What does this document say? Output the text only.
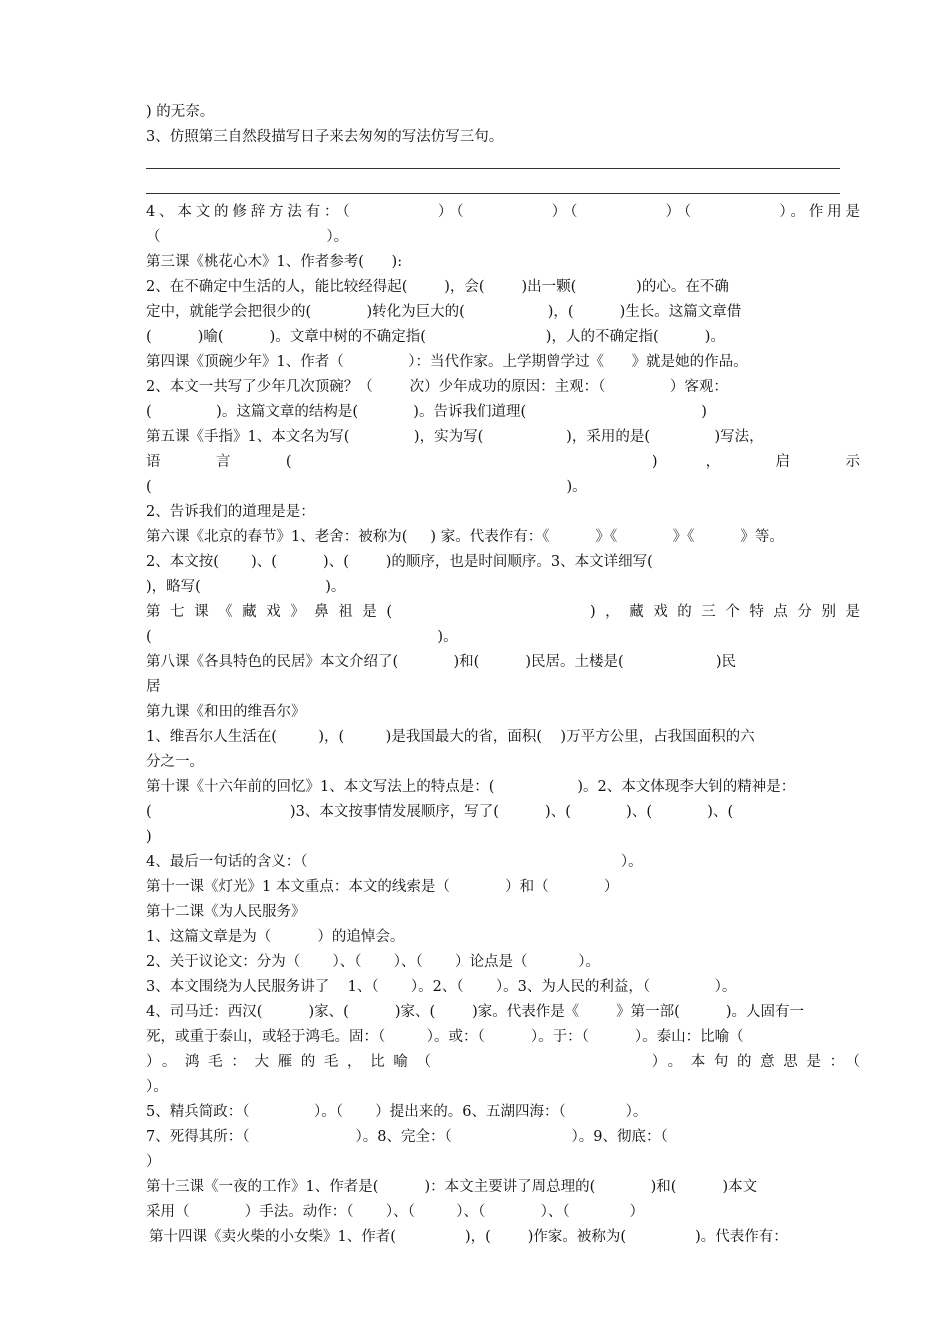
) 的无奈。
3、仿照第三自然段描写日子来去匆匆的写法仿写三句。
4、本文的修辞方法有：（          ）（          ）（          ）（          ）。作用是
（                                    ）。
第三课《桃花心木》1、作者参考(      ):
2、在不确定中生活的人，能比较经得起(        )，会(        )出一颗(             )的心。在不确
定中，就能学会把很少的(            )转化为巨大的(                  )，(          )生长。这篇文章借
(          )喻(          )。文章中树的不确定指(                          )，人的不确定指(          )。
第四课《顶碗少年》1、作者（              ）：当代作家。上学期曾学过《      》就是她的作品。
2、本文一共写了少年几次顶碗？（        次）少年成功的原因：主观：（              ）客观：
(              )。这篇文章的结构是(            )。告诉我们道理(                                      )
第五课《手指》1、本文名为写(              )，实为写(                  )，采用的是(              )写法，
语    言    (                              )    ，    启    示
(                                                                                          )。
2、告诉我们的道理是是：
第六课《北京的春节》1、老舍：被称为(     ) 家。代表作有：《          》《            》《          》等。
2、本文按(       )、(          )、(        )的顺序，也是时间顺序。3、本文详细写(
)，略写(                           )。
第七课《藏戏》鼻祖是(              )，藏戏的三个特点分别是
(                                                              )。
第八课《各具特色的民居》本文介绍了(            )和(          )民居。土楼是(                    )民
居
第九课《和田的维吾尔》
1、维吾尔人生活在(         )，(         )是我国最大的省，面积(    )万平方公里，占我国面积的六
分之一。
第十课《十六年前的回忆》1、本文写法上的特点是：(                  )。2、本文体现李大钊的精神是：
(                              )3、本文按事情发展顺序，写了(          )、(            )、(            )、(
)
4、最后一句话的含义：（                                                                    ）。
第十一课《灯光》1 本文重点：本文的线索是（            ）和（            ）
第十二课《为人民服务》
1、这篇文章是为（          ）的追悼会。
2、关于议论文：分为（       ）、（       ）、（       ）论点是（           ）。
3、本文围绕为人民服务讲了    1、（       ）。2、（       ）。3、为人民的利益，（              ）。
4、司马迁：西汉(          )家、(          )家、(        )家。代表作是《        》第一部(          )。人固有一
死，或重于泰山，或轻于鸿毛。固：（         ）。或：（          ）。于：（          ）。泰山：比喻（
）。鸿毛：大雁的毛，比喻（                ）。本句的意思是：（
）。
5、精兵简政：（              ）。（       ）提出来的。6、五湖四海：（             ）。
7、死得其所：（                       ）。8、完全：（                          ）。9、彻底：（
）
第十三课《一夜的工作》1、作者是(          )：本文主要讲了周总理的(            )和(          )本文
采用（            ）手法。动作：（       ）、（         ）、（            ）、（             ）
第十四课《卖火柴的小女柴》1、作者(               )，(        )作家。被称为(               )。代表作有：
